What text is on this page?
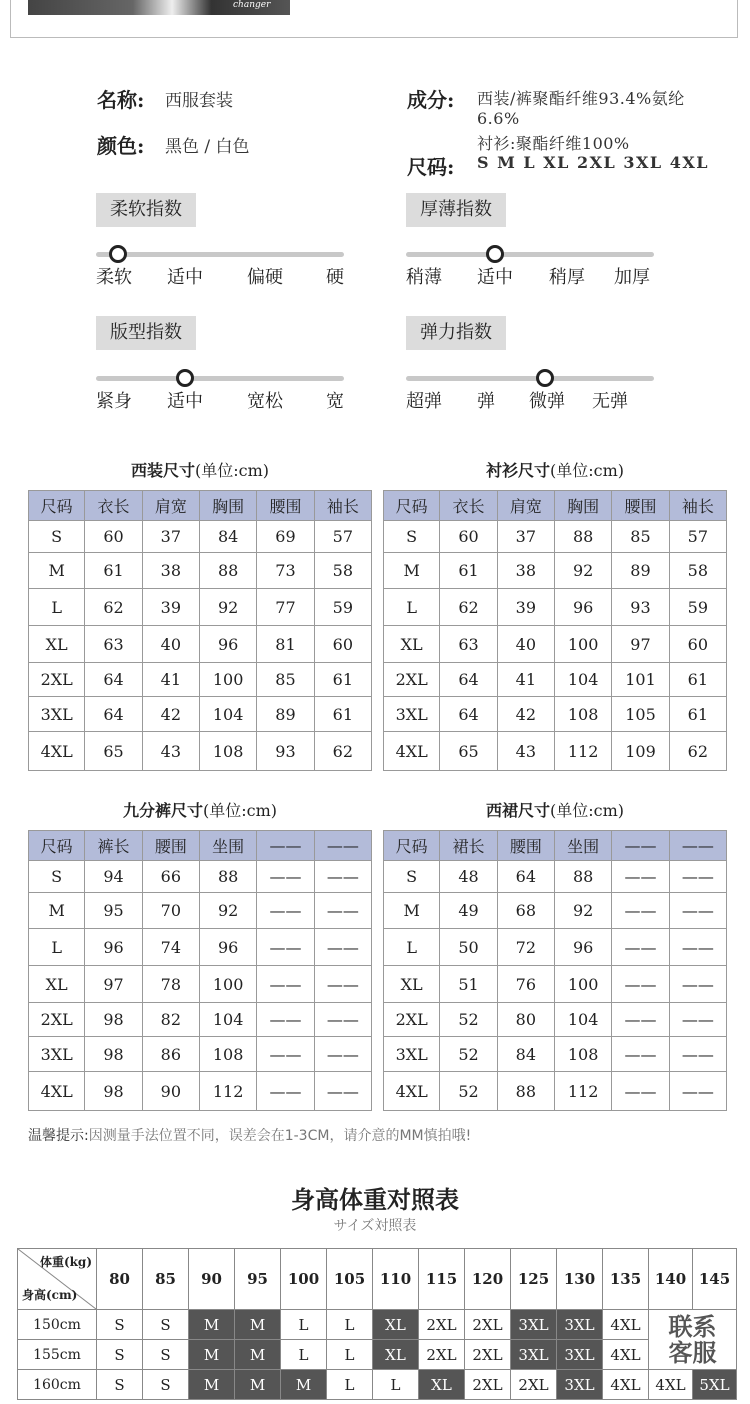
changer
名称: 西服套装
颜色: 黑色 / 白色
成分: 西装/裤聚酯纤维93.4%氨纶
6.6%
衬衫:聚酯纤维100%
尺码: S M L XL 2XL 3XL 4XL
柔软指数
柔软 适中 偏硬 硬
厚薄指数
稍薄 适中 稍厚 加厚
版型指数
紧身 适中 宽松 宽
弹力指数
超弹 弹 微弹 无弹
西装尺寸(单位:cm)
尺码	衣长	肩宽	胸围	腰围	袖长
S	60	37	84	69	57
M	61	38	88	73	58
L	62	39	92	77	59
XL	63	40	96	81	60
2XL	64	41	100	85	61
3XL	64	42	104	89	61
4XL	65	43	108	93	62
衬衫尺寸(单位:cm)
尺码	衣长	肩宽	胸围	腰围	袖长
S	60	37	88	85	57
M	61	38	92	89	58
L	62	39	96	93	59
XL	63	40	100	97	60
2XL	64	41	104	101	61
3XL	64	42	108	105	61
4XL	65	43	112	109	62
九分裤尺寸(单位:cm)
尺码	裤长	腰围	坐围	——	——
S	94	66	88	——	——
M	95	70	92	——	——
L	96	74	96	——	——
XL	97	78	100	——	——
2XL	98	82	104	——	——
3XL	98	86	108	——	——
4XL	98	90	112	——	——
西裙尺寸(单位:cm)
尺码	裙长	腰围	坐围	——	——
S	48	64	88	——	——
M	49	68	92	——	——
L	50	72	96	——	——
XL	51	76	100	——	——
2XL	52	80	104	——	——
3XL	52	84	108	——	——
4XL	52	88	112	——	——
温馨提示:因测量手法位置不同，误差会在1-3CM，请介意的MM慎拍哦!
身高体重对照表
サイズ対照表
体重(kg)
身高(cm)	80	85	90	95	100	105	110	115	120	125	130	135	140	145
150cm	S	S	M	M	L	L	XL	2XL	2XL	3XL	3XL	4XL	联系
客服	

155cm	S	S	M	M	L	L	XL	2XL	2XL	3XL	3XL	4XL		
160cm	S	S	M	M	M	L	L	XL	2XL	2XL	3XL	4XL	4XL	5XL
